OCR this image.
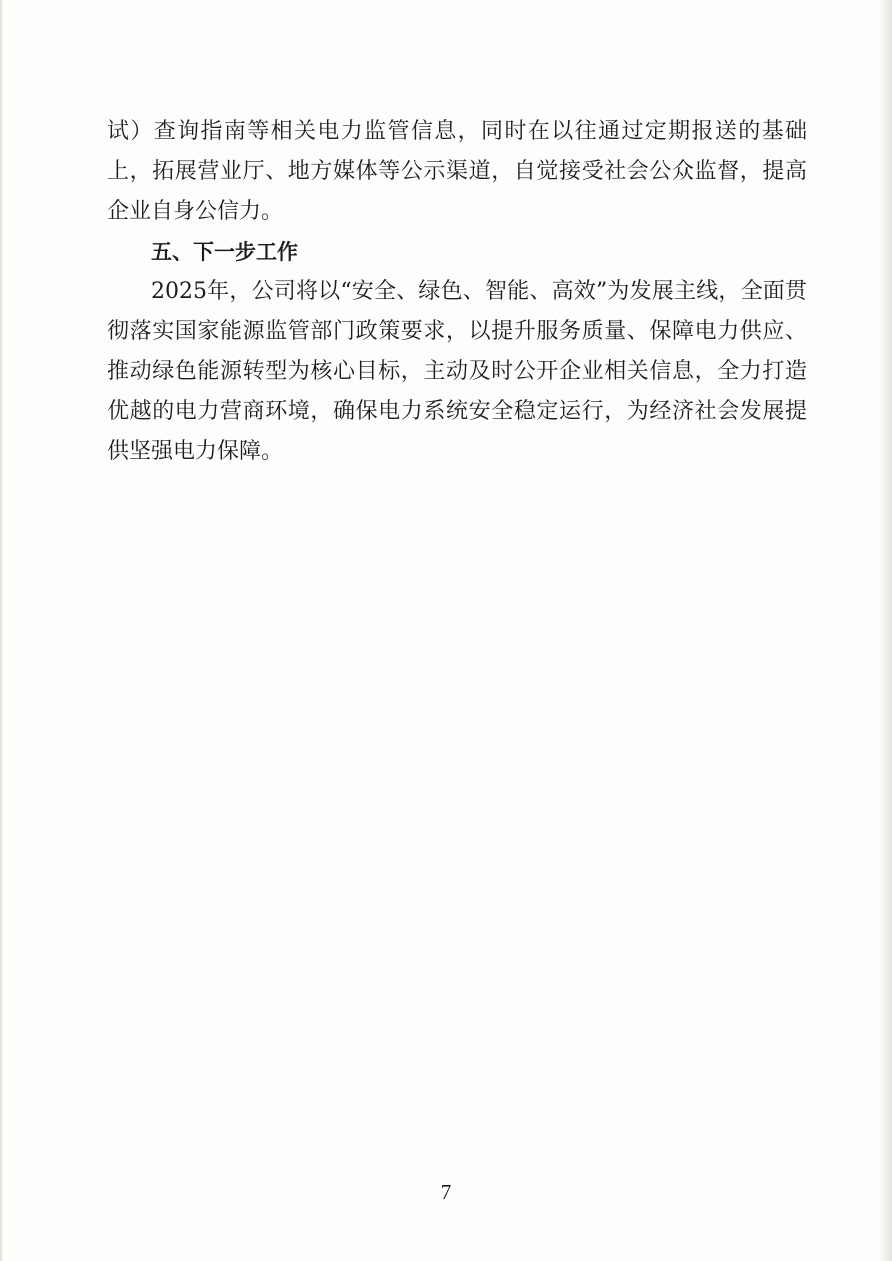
试）查询指南等相关电力监管信息，同时在以往通过定期报送的基础上，拓展营业厅、地方媒体等公示渠道，自觉接受社会公众监督，提高企业自身公信力。

五、下一步工作

2025年，公司将以“安全、绿色、智能、高效”为发展主线，全面贯彻落实国家能源监管部门政策要求，以提升服务质量、保障电力供应、推动绿色能源转型为核心目标，主动及时公开企业相关信息，全力打造优越的电力营商环境，确保电力系统安全稳定运行，为经济社会发展提供坚强电力保障。

7
